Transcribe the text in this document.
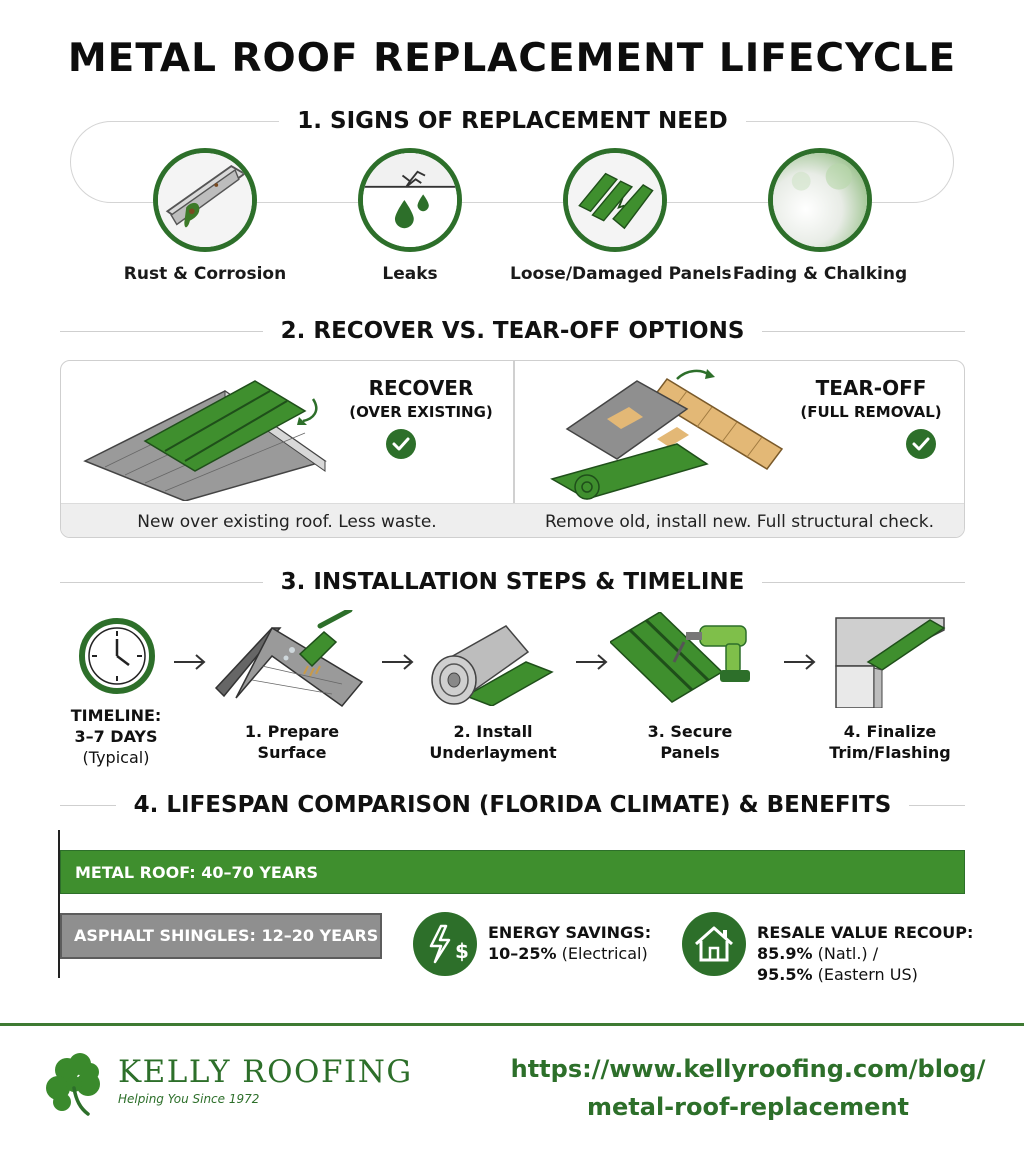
METAL ROOF REPLACEMENT LIFECYCLE
1. SIGNS OF REPLACEMENT NEED
Rust & Corrosion	Leaks	Loose/Damaged Panels Fading & Chalking
2. RECOVER VS. TEAR-OFF OPTIONS
RECOVER
(OVER EXISTING)
New over existing roof. Less waste.
TEAR-OFF
(FULL REMOVAL)
Remove old, install new. Full structural check.
3. INSTALLATION STEPS & TIMELINE
TIMELINE:
3–7 DAYS
(Typical)
1. Prepare
Surface
2. Install
Underlayment
3. Secure
Panels
4. Finalize
Trim/Flashing
4. LIFESPAN COMPARISON (FLORIDA CLIMATE) & BENEFITS
METAL ROOF: 40–70 YEARS
ASPHALT SHINGLES: 12–20 YEARS
$
ENERGY SAVINGS:
10–25% (Electrical)
RESALE VALUE RECOUP:
85.9% (Natl.) /
95.5% (Eastern US)
KELLY ROOFING
Helping You Since 1972
https://www.kellyroofing.com/blog/
metal-roof-replacement
